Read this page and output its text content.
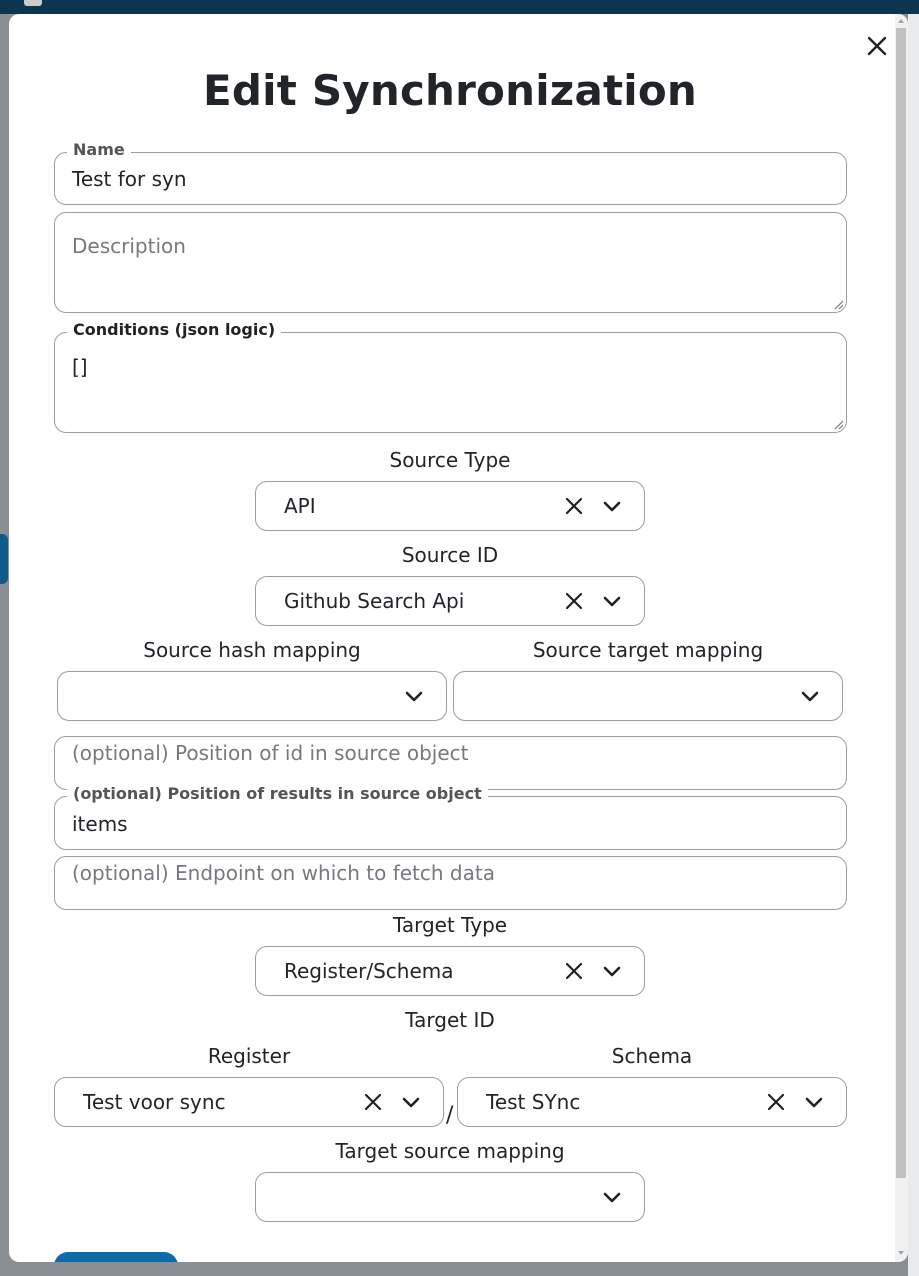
Edit Synchronization
Name
Test for syn
Description
Conditions (json logic)
[]
Source Type
API
Source ID
Github Search Api
Source hash mapping	Source target mapping
(optional) Position of id in source object
(optional) Position of results in source object
items
(optional) Endpoint on which to fetch data
Target Type
Register/Schema
Target ID
Register	Schema
Test voor sync
/
Test SYnc
Target source mapping
